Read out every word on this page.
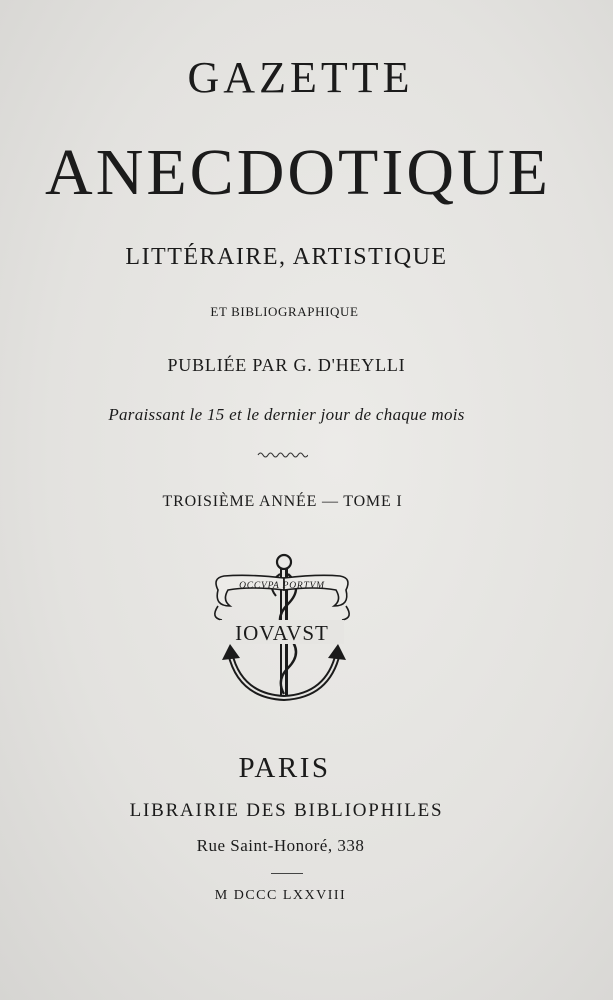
GAZETTE
ANECDOTIQUE
LITTÉRAIRE, ARTISTIQUE
ET BIBLIOGRAPHIQUE
PUBLIÉE PAR G. D'HEYLLI
Paraissant le 15 et le dernier jour de chaque mois
TROISIÈME ANNÉE — TOME I
OCCVPA PORTVM
IOVAVST
PARIS
LIBRAIRIE DES BIBLIOPHILES
Rue Saint-Honoré, 338
M DCCC LXXVIII
